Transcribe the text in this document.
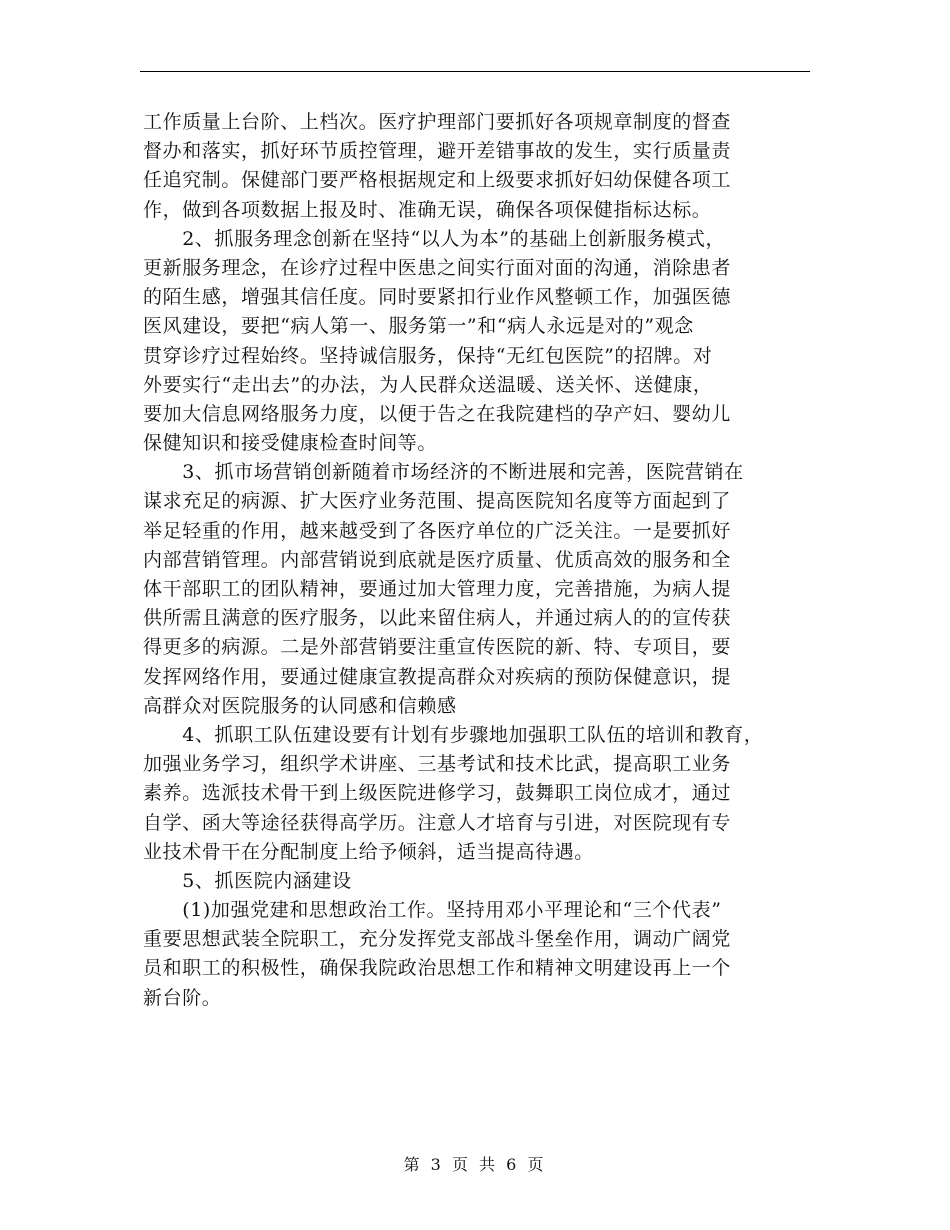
工作质量上台阶、上档次。医疗护理部门要抓好各项规章制度的督查
督办和落实，抓好环节质控管理，避开差错事故的发生，实行质量责
任追究制。保健部门要严格根据规定和上级要求抓好妇幼保健各项工
作，做到各项数据上报及时、准确无误，确保各项保健指标达标。
　　2、抓服务理念创新在坚持“以人为本”的基础上创新服务模式，
更新服务理念，在诊疗过程中医患之间实行面对面的沟通，消除患者
的陌生感，增强其信任度。同时要紧扣行业作风整顿工作，加强医德
医风建设，要把“病人第一、服务第一”和“病人永远是对的”观念
贯穿诊疗过程始终。坚持诚信服务，保持“无红包医院”的招牌。对
外要实行“走出去”的办法，为人民群众送温暖、送关怀、送健康，
要加大信息网络服务力度，以便于告之在我院建档的孕产妇、婴幼儿
保健知识和接受健康检查时间等。
　　3、抓市场营销创新随着市场经济的不断进展和完善，医院营销在
谋求充足的病源、扩大医疗业务范围、提高医院知名度等方面起到了
举足轻重的作用，越来越受到了各医疗单位的广泛关注。一是要抓好
内部营销管理。内部营销说到底就是医疗质量、优质高效的服务和全
体干部职工的团队精神，要通过加大管理力度，完善措施，为病人提
供所需且满意的医疗服务，以此来留住病人，并通过病人的的宣传获
得更多的病源。二是外部营销要注重宣传医院的新、特、专项目，要
发挥网络作用，要通过健康宣教提高群众对疾病的预防保健意识，提
高群众对医院服务的认同感和信赖感
　　4、抓职工队伍建设要有计划有步骤地加强职工队伍的培训和教育，
加强业务学习，组织学术讲座、三基考试和技术比武，提高职工业务
素养。选派技术骨干到上级医院进修学习，鼓舞职工岗位成才，通过
自学、函大等途径获得高学历。注意人才培育与引进，对医院现有专
业技术骨干在分配制度上给予倾斜，适当提高待遇。
　　5、抓医院内涵建设
　　(1)加强党建和思想政治工作。坚持用邓小平理论和“三个代表”
重要思想武装全院职工，充分发挥党支部战斗堡垒作用，调动广阔党
员和职工的积极性，确保我院政治思想工作和精神文明建设再上一个
新台阶。
第 3 页 共 6 页
